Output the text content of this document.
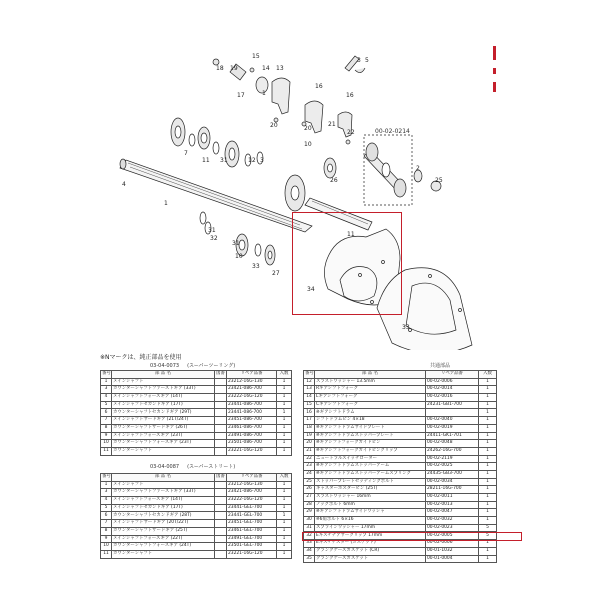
00-02-0214
18 19
15
14 13
17
16
16
1
3 5
20	20
21
22
7
11 31	12 3
10
4
1
26	25
2
31
32
31
10
33
11
27
34
33
※Nマークは、純正部品を使用
03-04-0073 (スーパーツーリング)
番号	部 品 名	図番	リペア品番	入数
1	メインシャフト		23212-16G-130	1
3	カウンターシャフトファーストギア (33T)		23421-086-700	1
4	メインシャフトフォースギア (14T)		23222-16G-120	1
5	メインシャフトセカンドギア (17T)		23441-086-700	1
6	カウンターシャフトセカンドギア (29T)		23441-086-700	1
7	メインシャフトサードギア (21T/24T)		23451-086-700	1
8	カウンターシャフトサードギア (26T)		23461-086-700	1
9	メインシャフトフォースギア (23T)		23491-086-700	1
10	カウンターシャフトフォースギア (23T)		23501-086-700	1
11	カウンターシャフト		23221-16G-120	1
03-04-0087 (スーパーストリート)
番号	部 品 名	図番	リペア品番	入数
1	メインシャフト		23212-16G-130	1
3	カウンターシャフトファーストギア (33T)		23421-086-700	1
4	メインシャフトフォースギア (14T)		23222-16G-120	1
5	メインシャフトセカンドギア (17T)		23441-GEL-700	1
6	カウンターシャフトセカンドギア (28T)		23441-GEL-700	1
7	メインシャフトサードギア (20T/22T)		23451-GEL-700	1
8	カウンターシャフトサードギア (25T)		23461-GEL-700	1
9	メインシャフトフォースギア (22T)		23491-GEL-700	1
10	カウンターシャフトフォースギア (24T)		23501-GEL-700	1
11	カウンターシャフト		23221-16G-120	1
共通部品
番号	部 品 名	リペア品番	入数
12	スラストワッシャー 13.5mm	00-02-0006	1
13	Rギアシフトフォーク	00-02-0014	1
14	Lギアシフトフォーク	00-02-0016	1
15	Cギアシフトフォーク	24231-GB1-700	1
16	※ギアシフトドラム		1
17	シフトドラムピン 4×18	00-02-0040	1
18	※ギアシフトドラムサイドプレート	00-02-0019	1
19	※ギアシフトドラムストッパープレート	24411-GK1-701	1
20	※ギアシフトフォークガイドピン	00-02-0048	1
21	※ギアシフトフォークガイドピンクリップ	24262-16G-700	1
22	ニュートラルスイッチローター	00-02-2119	1
23	※ギアシフトドラムストッパーアーム	00-02-0025	1
24	※ギアシフトドラムストッパーアームスプリング	24435-GB3-700	1
25	ストッパープレートセッティングボルト	00-02-0034	1
26	キャスターホスタービン (25T)	28211-16G-700	1
27	スラストワッシャー 16mm	00-02-0011	1
28	ノックボルト 6mm	00-02-0013	1
29	※ギアシフトドラムサイドワッシャ	00-02-0047	1
30	※6角ボルト 6×16	00-02-0032	1
31	スプラインワッシャー 17mm	00-02-0023	5
32	Eキスチナアサークリップ 17mm	00-02-0005	5
33	Eキスチナスター (ガスケット)	00-02-0006	1
34	クランクケースガスケット (CR)	00-01-1032	1
35	クランクケースガスケット	00-01-0004	1
